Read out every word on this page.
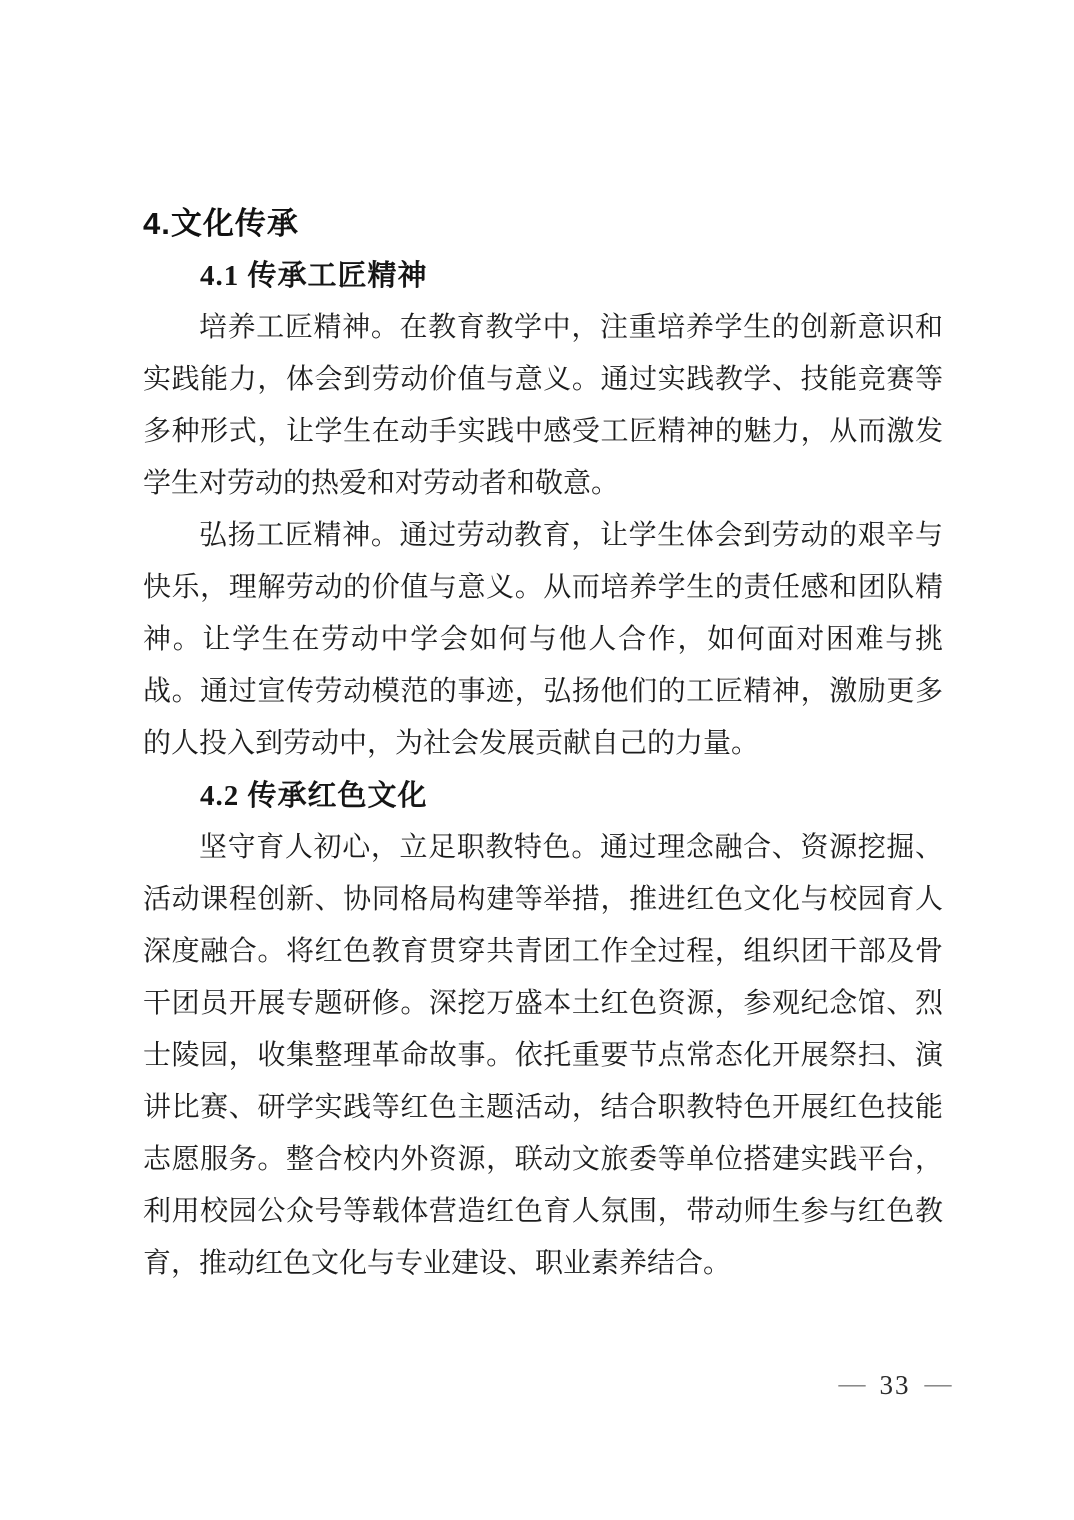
4.文化传承
4.1 传承工匠精神

培养工匠精神。在教育教学中，注重培养学生的创新意识和实践能力，体会到劳动价值与意义。通过实践教学、技能竞赛等多种形式，让学生在动手实践中感受工匠精神的魅力，从而激发学生对劳动的热爱和对劳动者和敬意。

弘扬工匠精神。通过劳动教育，让学生体会到劳动的艰辛与快乐，理解劳动的价值与意义。从而培养学生的责任感和团队精神。让学生在劳动中学会如何与他人合作，如何面对困难与挑战。通过宣传劳动模范的事迹，弘扬他们的工匠精神，激励更多的人投入到劳动中，为社会发展贡献自己的力量。

4.2 传承红色文化

坚守育人初心，立足职教特色。通过理念融合、资源挖掘、活动课程创新、协同格局构建等举措，推进红色文化与校园育人深度融合。将红色教育贯穿共青团工作全过程，组织团干部及骨干团员开展专题研修。深挖万盛本土红色资源，参观纪念馆、烈士陵园，收集整理革命故事。依托重要节点常态化开展祭扫、演讲比赛、研学实践等红色主题活动，结合职教特色开展红色技能志愿服务。整合校内外资源，联动文旅委等单位搭建实践平台，利用校园公众号等载体营造红色育人氛围，带动师生参与红色教育，推动红色文化与专业建设、职业素养结合。

— 33 —
